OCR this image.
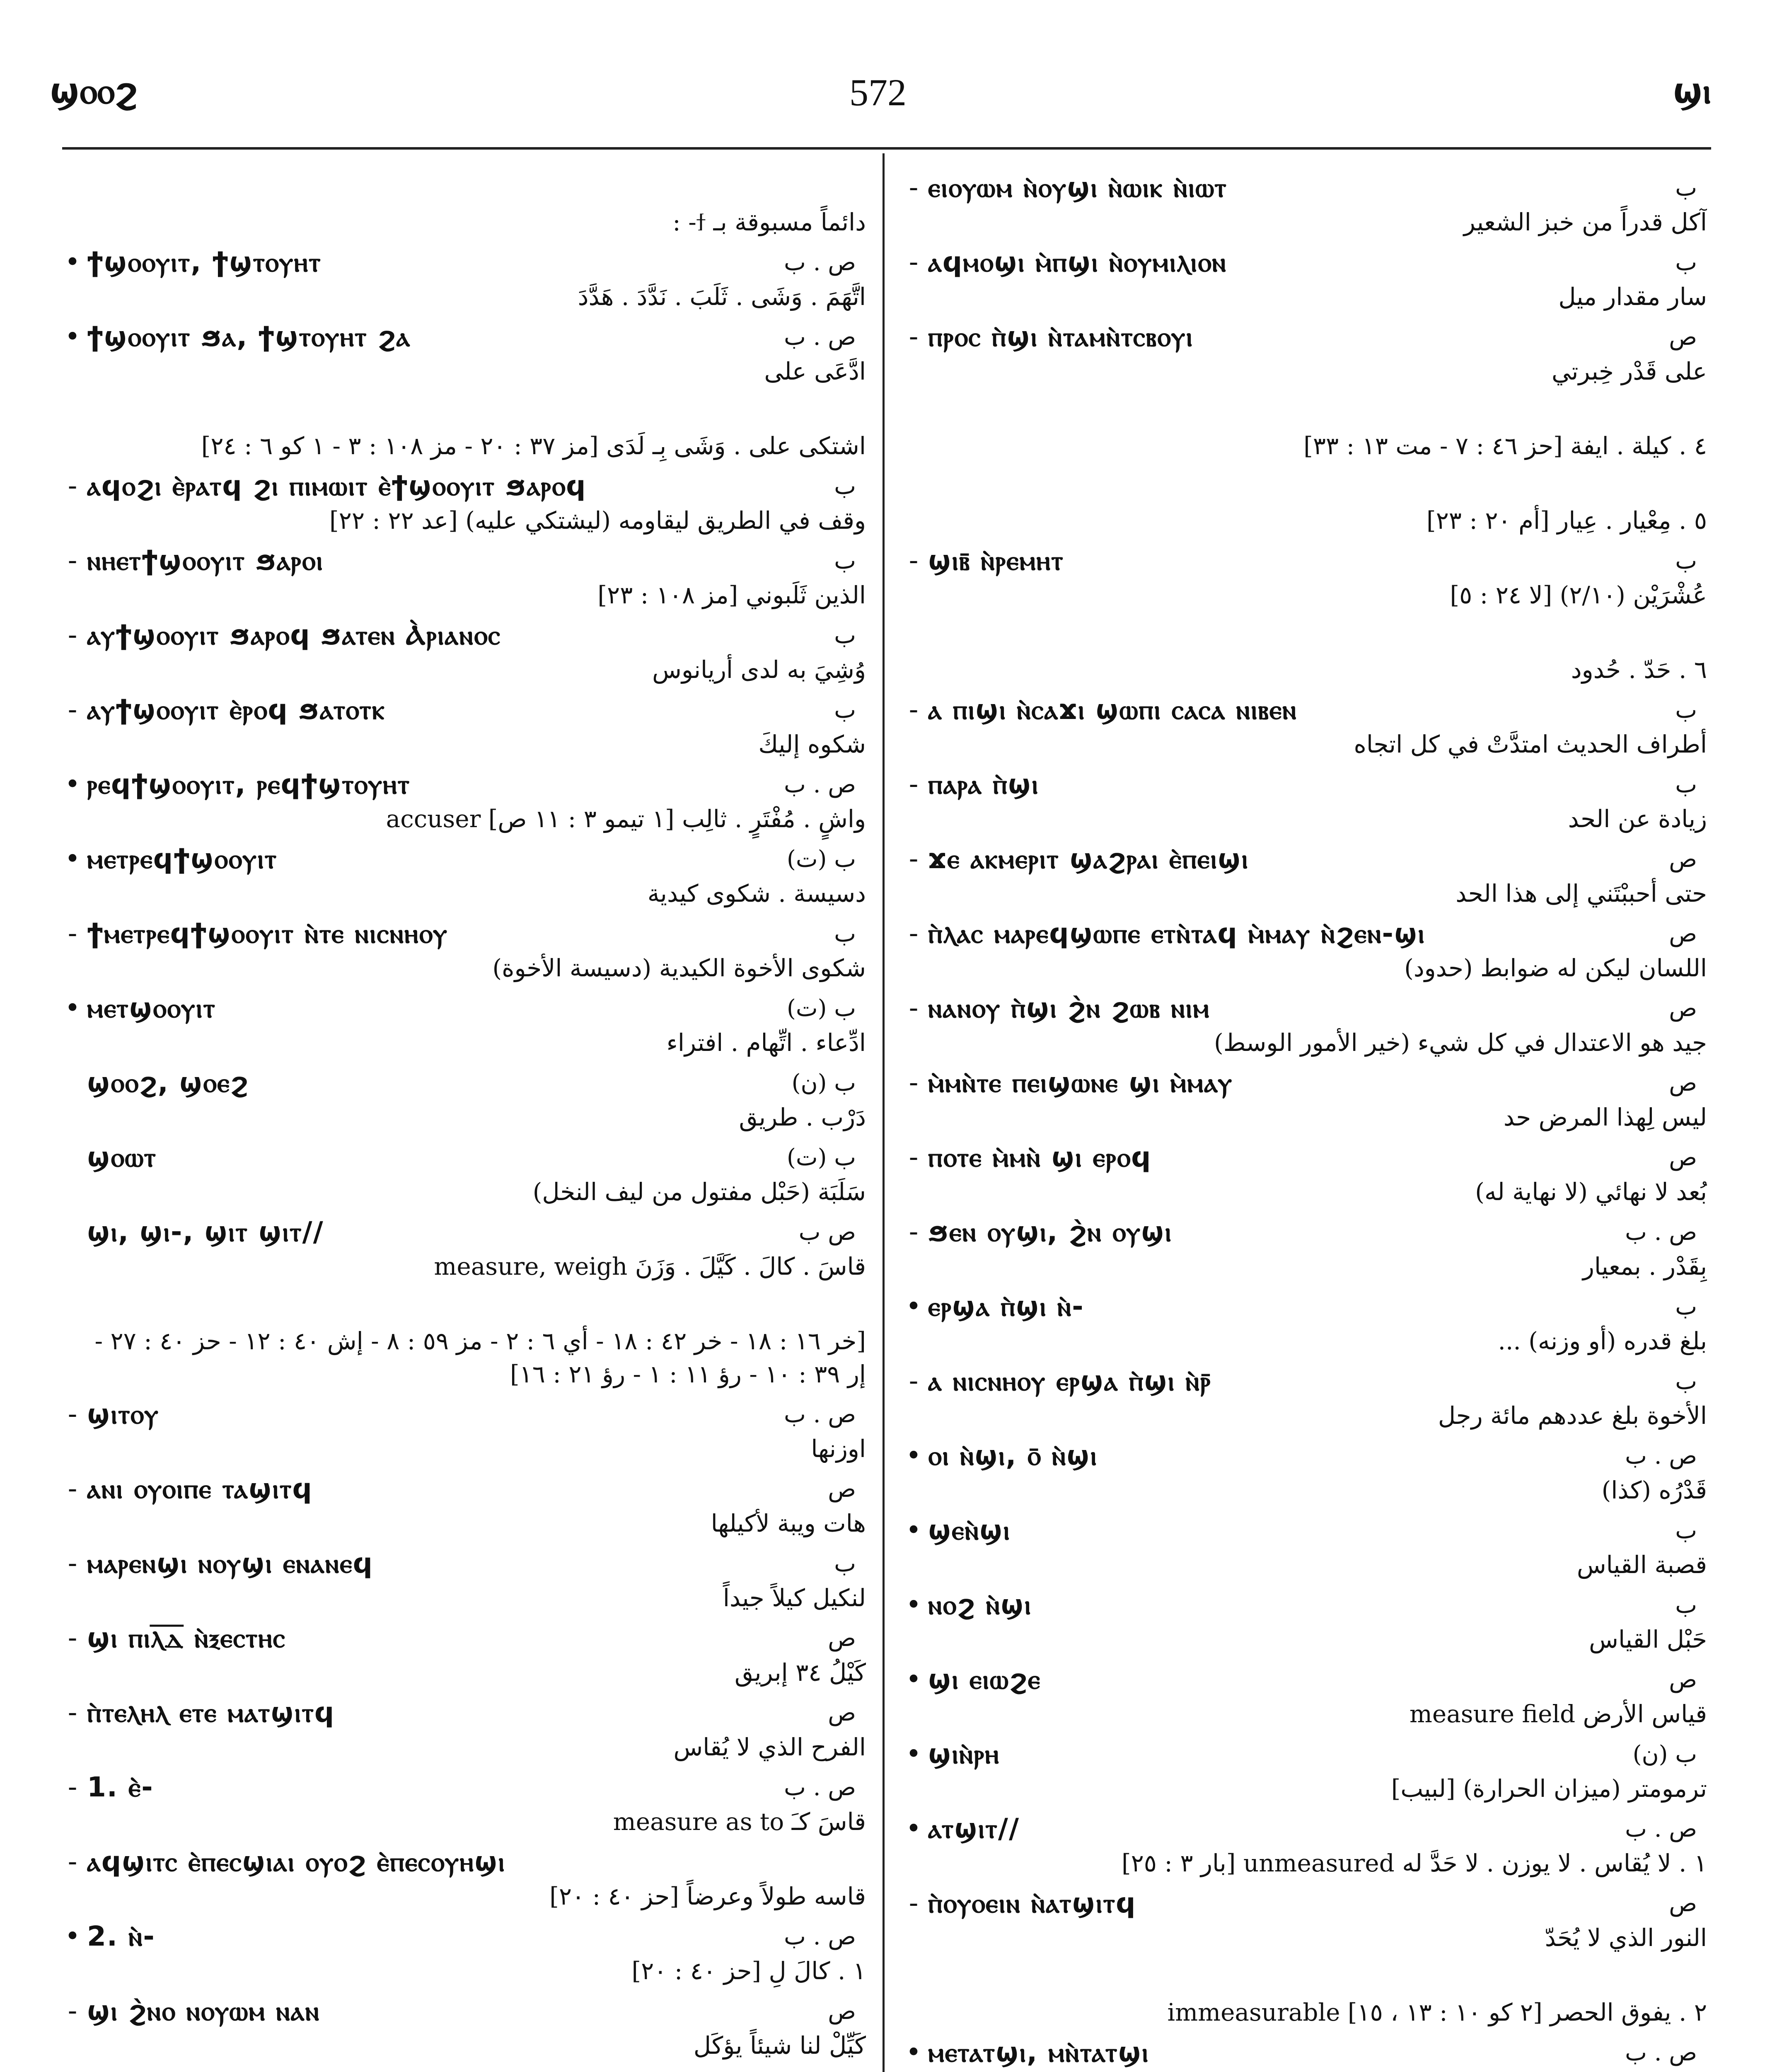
ϣⲟⲟϩ	572	ϣⲓ
دائماً مسبوقة بـ ϯ- :
• ϯϣⲟⲟⲩⲓⲧ, ϯϣⲧⲟⲩⲏⲧ	ص . ب
اتَّهَمَ . وَشَى . ثَلَبَ . نَدَّدَ . هَدَّدَ
• ϯϣⲟⲟⲩⲓⲧ ϧⲁ, ϯϣⲧⲟⲩⲏⲧ ϩⲁ	ص . ب
ادَّعَى على
اشتكى على . وَشَى بِـ لَدَى [مز ٣٧ : ٢٠ - مز ١٠٨ : ٣ - ١ كو ٦ : ٢٤]
- ⲁϥⲟϩⲓ ⲉ̀ⲣⲁⲧϥ ϩⲓ ⲡⲓⲙⲱⲓⲧ ⲉ̀ϯϣⲟⲟⲩⲓⲧ ϧⲁⲣⲟϥ	ب
وقف في الطريق ليقاومه (ليشتكي عليه) [عد ٢٢ : ٢٢]
- ⲛⲏⲉⲧϯϣⲟⲟⲩⲓⲧ ϧⲁⲣⲟⲓ	ب
الذين ثَلَبوني [مز ١٠٨ : ٢٣]
- ⲁⲩϯϣⲟⲟⲩⲓⲧ ϧⲁⲣⲟϥ ϧⲁⲧⲉⲛ Ⲁ̀ⲣⲓⲁⲛⲟⲥ	ب
وُشِيَ به لدى أريانوس
- ⲁⲩϯϣⲟⲟⲩⲓⲧ ⲉ̀ⲣⲟϥ ϧⲁⲧⲟⲧⲕ	ب
شكوه إليكَ
• ⲣⲉϥϯϣⲟⲟⲩⲓⲧ, ⲣⲉϥϯϣⲧⲟⲩⲏⲧ	ص . ب
واشٍ . مُفْتَرٍ . ثالِب [١ تيمو ٣ : ١١ ص] accuser
• ⲙⲉⲧⲣⲉϥϯϣⲟⲟⲩⲓⲧ	(ت) ب
دسيسة . شكوى كيدية
- ϯⲙⲉⲧⲣⲉϥϯϣⲟⲟⲩⲓⲧ ⲛ̀ⲧⲉ ⲛⲓⲥⲛⲏⲟⲩ	ب
شكوى الأخوة الكيدية (دسيسة الأخوة)
• ⲙⲉⲧϣⲟⲟⲩⲓⲧ	(ت) ب
ادِّعاء . اتِّهام . افتراء
ϣⲟⲟϩ, ϣⲟⲉϩ	(ن) ب
دَرْب . طريق
ϣⲟⲱⲧ	(ت) ب
سَلَبَة (حَبْل مفتول من ليف النخل)
ϣⲓ, ϣⲓ-, ϣⲓⲧ ϣⲓⲧ//	ص ب
قاسَ . كالَ . كَيَّلَ . وَزَنَ measure, weigh
[خر ١٦ : ١٨ - خر ٤٢ : ١٨ - أي ٦ : ٢ - مز ٥٩ : ٨ - إش ٤٠ : ١٢ - حز ٤٠ : ٢٧ - إر ٣٩ : ١٠ - رؤ ١١ : ١ - رؤ ٢١ : ١٦]
- ϣⲓⲧⲟⲩ	ص . ب
اوزنها
- ⲁⲛⲓ ⲟⲩⲟⲓⲡⲉ ⲧⲁϣⲓⲧϥ	ص
هات ويبة لأكيلها
- ⲙⲁⲣⲉⲛϣⲓ ⲛⲟⲩϣⲓ ⲉⲛⲁⲛⲉϥ	ب
لنكيل كيلاً جيداً
- ϣⲓ ⲡⲓⲗ̅ⲇ̅ ⲛ̀ⲝⲉⲥⲧⲏⲥ	ص
كَيْلُ ٣٤ إبريق
- ⲡ̀ⲧⲉⲗⲏⲗ ⲉⲧⲉ ⲙⲁⲧϣⲓⲧϥ	ص
الفرح الذي لا يُقاس
- 1. ⲉ̀-	ص . ب
قاسَ كـَ measure as to
- ⲁϥϣⲓⲧⲥ ⲉ̀ⲡⲉⲥϣⲓⲁⲓ ⲟⲩⲟϩ ⲉ̀ⲡⲉⲥⲟⲩⲏϣⲓ
قاسه طولاً وعرضاً [حز ٤٠ : ٢٠]
• 2. ⲛ̀-	ص . ب
١ . كالَ لِ [حز ٤٠ : ٢٠]
- ϣⲓ ϩ̀ⲛⲟ ⲛⲟⲩⲱⲙ ⲛⲁⲛ	ص
كَيِّلْ لنا شيئاً يؤكَل
- ⲉⲓⲟⲩⲱⲙ ⲛ̀ⲟⲩϣⲓ ⲛ̀ⲱⲓⲕ ⲛ̀ⲓⲱⲧ	ب
آكل قدراً من خبز الشعير
- ⲁϥⲙⲟϣⲓ ⲙ̀ⲡϣⲓ ⲛ̀ⲟⲩⲙⲓⲗⲓⲟⲛ	ب
سار مقدار ميل
- ⲡⲣⲟⲥ ⲡ̀ϣⲓ ⲛ̀ⲧⲁⲙⲛ̀ⲧⲥⲃⲟⲩⲓ	ص
على قَدْر خِبرتي
٤ . كيلة . ايفة [حز ٤٦ : ٧ - مت ١٣ : ٣٣]
٥ . مِعْيار . عِيار [أم ٢٠ : ٢٣]
- ϣⲓⲃ̄ ⲛ̀ⲣⲉⲙⲏⲧ	ب
عُشْرَيْن (٢/١٠) [لا ٢٤ : ٥]
٦ . حَدّ . حُدود
- ⲁ ⲡⲓϣⲓ ⲛ̀ⲥⲁϫⲓ ϣⲱⲡⲓ ⲥⲁⲥⲁ ⲛⲓⲃⲉⲛ	ب
أطراف الحديث امتدَّتْ في كل اتجاه
- ⲡⲁⲣⲁ ⲡ̀ϣⲓ	ب
زيادة عن الحد
- ϫⲉ ⲁⲕⲙⲉⲣⲓⲧ ϣⲁϩⲣⲁⲓ ⲉ̀ⲡⲉⲓϣⲓ	ص
حتى أحببْتَني إلى هذا الحد
- ⲡ̀ⲗⲁⲥ ⲙⲁⲣⲉϥϣⲱⲡⲉ ⲉⲧⲛ̀ⲧⲁϥ ⲙ̀ⲙⲁⲩ ⲛ̀ϩⲉⲛ-ϣⲓ	ص
اللسان ليكن له ضوابط (حدود)
- ⲛⲁⲛⲟⲩ ⲡ̀ϣⲓ ϩ̀ⲛ ϩⲱⲃ ⲛⲓⲙ	ص
جيد هو الاعتدال في كل شيء (خير الأمور الوسط)
- ⲙ̀ⲙⲛ̀ⲧⲉ ⲡⲉⲓϣⲱⲛⲉ ϣⲓ ⲙ̀ⲙⲁⲩ	ص
ليس لِهذا المرض حد
- ⲡⲟⲧⲉ ⲙ̀ⲙⲛ̀ ϣⲓ ⲉⲣⲟϥ	ص
بُعد لا نهائي (لا نهاية له)
- ϧⲉⲛ ⲟⲩϣⲓ, ϩ̀ⲛ ⲟⲩϣⲓ	ص . ب
بِقَدْر . بمعيار
• ⲉⲣϣⲁ ⲡ̀ϣⲓ ⲛ̀-	ب
بلغ قدره (أو وزنه) ...
- ⲁ ⲛⲓⲥⲛⲏⲟⲩ ⲉⲣϣⲁ ⲡ̀ϣⲓ ⲛ̀ⲣ̄	ب
الأخوة بلغ عددهم مائة رجل
• ⲟⲓ ⲛ̀ϣⲓ, ⲟ̄ ⲛ̀ϣⲓ	ص . ب
قَدْرُه (كذا)
• ϣⲉⲛ̀ϣⲓ	ب
قصبة القياس
• ⲛⲟϩ ⲛ̀ϣⲓ	ب
حَبْل القياس
• ϣⲓ ⲉⲓⲱϩⲉ	ص
قياس الأرض measure field
• ϣⲓⲛ̀ⲣⲏ	(ن) ب
ترمومتر (ميزان الحرارة) [لبيب]
• ⲁⲧϣⲓⲧ//	ص . ب
١ . لا يُقاس . لا يوزن . لا حَدَّ له unmeasured [بار ٣ : ٢٥]
- ⲡ̀ⲟⲩⲟⲉⲓⲛ ⲛ̀ⲁⲧϣⲓⲧϥ	ص
النور الذي لا يُحَدّ
٢ . يفوق الحصر [٢ كو ١٠ : ١٣ ، ١٥] immeasurable
• ⲙⲉⲧⲁⲧϣⲓ, ⲙⲛ̀ⲧⲁⲧϣⲓ	ص . ب
